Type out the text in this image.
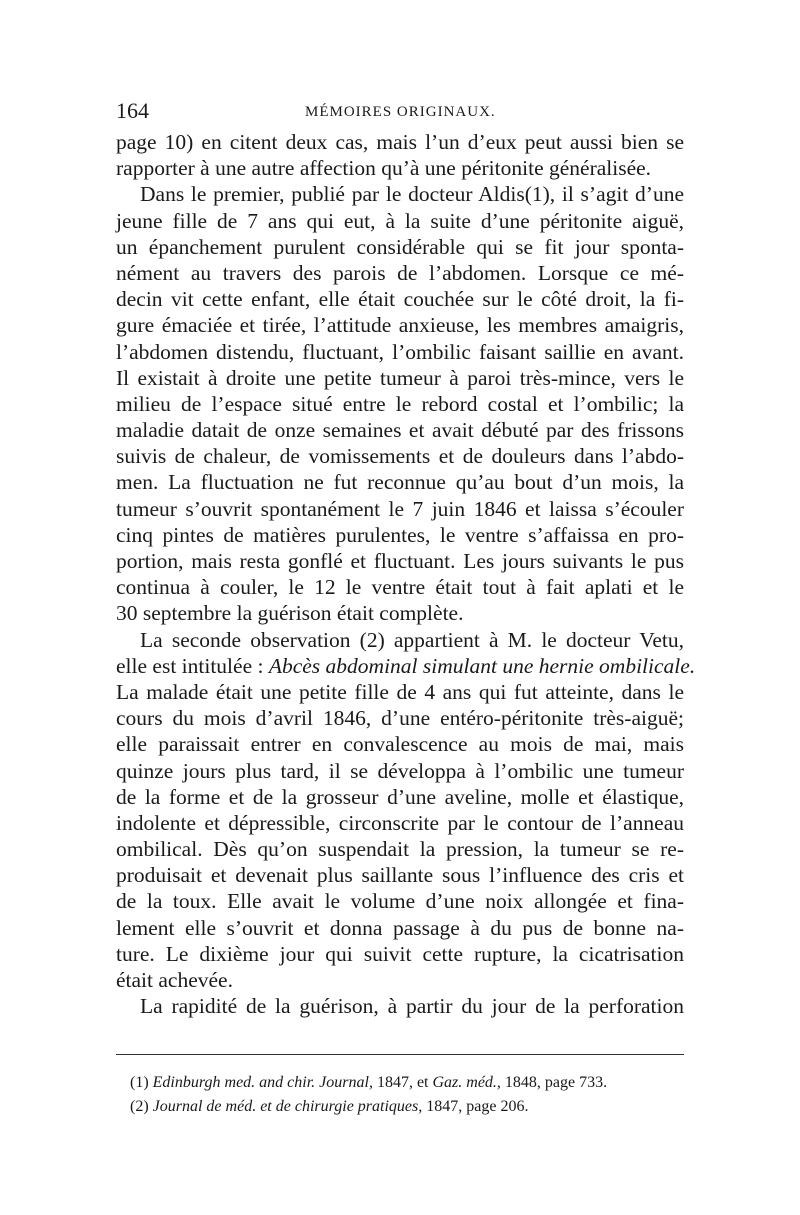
164	MÉMOIRES ORIGINAUX.
page 10) en citent deux cas, mais l’un d’eux peut aussi bien se
rapporter à une autre affection qu’à une péritonite généralisée.
Dans le premier, publié par le docteur Aldis(1), il s’agit d’une
jeune fille de 7 ans qui eut, à la suite d’une péritonite aiguë,
un épanchement purulent considérable qui se fit jour sponta-
nément au travers des parois de l’abdomen. Lorsque ce mé-
decin vit cette enfant, elle était couchée sur le côté droit, la fi-
gure émaciée et tirée, l’attitude anxieuse, les membres amaigris,
l’abdomen distendu, fluctuant, l’ombilic faisant saillie en avant.
Il existait à droite une petite tumeur à paroi très-mince, vers le
milieu de l’espace situé entre le rebord costal et l’ombilic; la
maladie datait de onze semaines et avait débuté par des frissons
suivis de chaleur, de vomissements et de douleurs dans l’abdo-
men. La fluctuation ne fut reconnue qu’au bout d’un mois, la
tumeur s’ouvrit spontanément le 7 juin 1846 et laissa s’écouler
cinq pintes de matières purulentes, le ventre s’affaissa en pro-
portion, mais resta gonflé et fluctuant. Les jours suivants le pus
continua à couler, le 12 le ventre était tout à fait aplati et le
30 septembre la guérison était complète.
La seconde observation (2) appartient à M. le docteur Vetu,
elle est intitulée : Abcès abdominal simulant une hernie ombilicale.
La malade était une petite fille de 4 ans qui fut atteinte, dans le
cours du mois d’avril 1846, d’une entéro-péritonite très-aiguë;
elle paraissait entrer en convalescence au mois de mai, mais
quinze jours plus tard, il se développa à l’ombilic une tumeur
de la forme et de la grosseur d’une aveline, molle et élastique,
indolente et dépressible, circonscrite par le contour de l’anneau
ombilical. Dès qu’on suspendait la pression, la tumeur se re-
produisait et devenait plus saillante sous l’influence des cris et
de la toux. Elle avait le volume d’une noix allongée et fina-
lement elle s’ouvrit et donna passage à du pus de bonne na-
ture. Le dixième jour qui suivit cette rupture, la cicatrisation
était achevée.
La rapidité de la guérison, à partir du jour de la perforation
(1) Edinburgh med. and chir. Journal, 1847, et Gaz. méd., 1848, page 733.
(2) Journal de méd. et de chirurgie pratiques, 1847, page 206.
